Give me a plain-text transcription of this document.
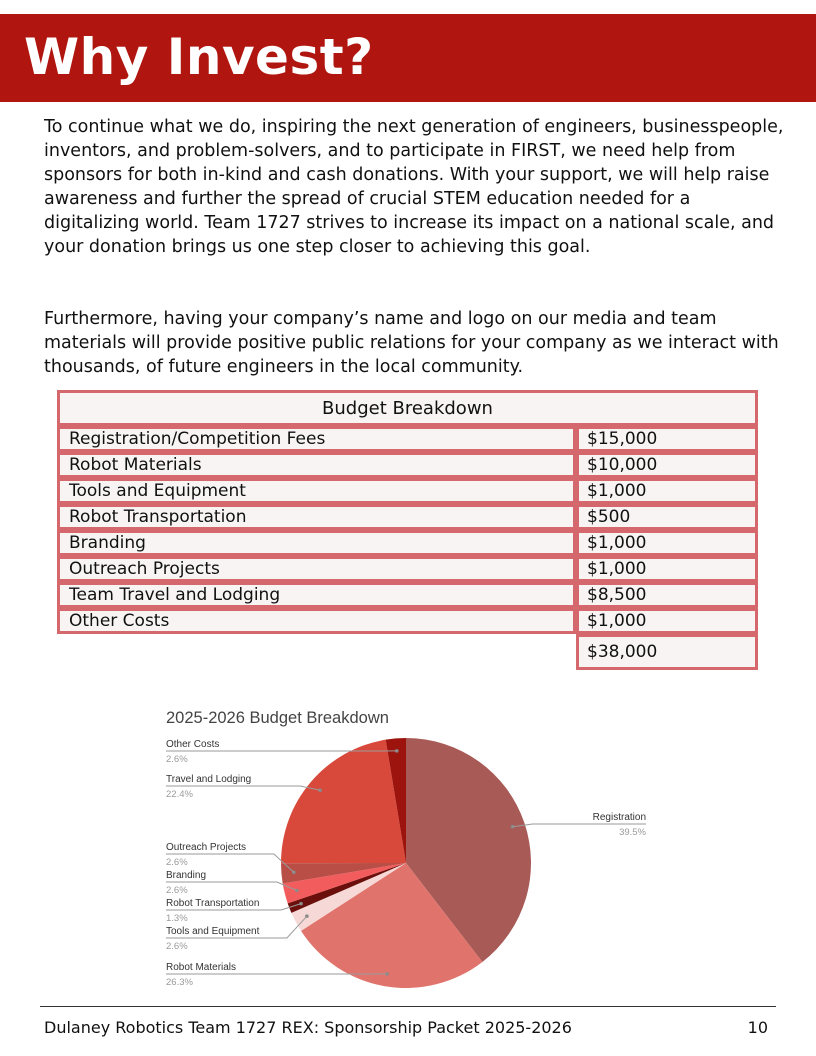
Why Invest?

To continue what we do, inspiring the next generation of engineers, businesspeople, inventors, and problem-solvers, and to participate in FIRST, we need help from sponsors for both in-kind and cash donations. With your support, we will help raise awareness and further the spread of crucial STEM education needed for a digitalizing world. Team 1727 strives to increase its impact on a national scale, and your donation brings us one step closer to achieving this goal.

Furthermore, having your company’s name and logo on our media and team materials will provide positive public relations for your company as we interact with thousands, of future engineers in the local community.

Budget Breakdown	
Registration/Competition Fees	$15,000
Robot Materials	$10,000
Tools and Equipment	$1,000
Robot Transportation	$500
Branding	$1,000
Outreach Projects	$1,000
Team Travel and Lodging	$8,500
Other Costs	$1,000
	$38,000
2025-2026 Budget Breakdown
Registration
39.5%
Robot Materials
26.3%
Tools and Equipment
2.6%
Robot Transportation
1.3%
Branding
2.6%
Outreach Projects
2.6%
Travel and Lodging
22.4%
Other Costs
2.6%

Dulaney Robotics Team 1727 REX: Sponsorship Packet 2025-2026	10
